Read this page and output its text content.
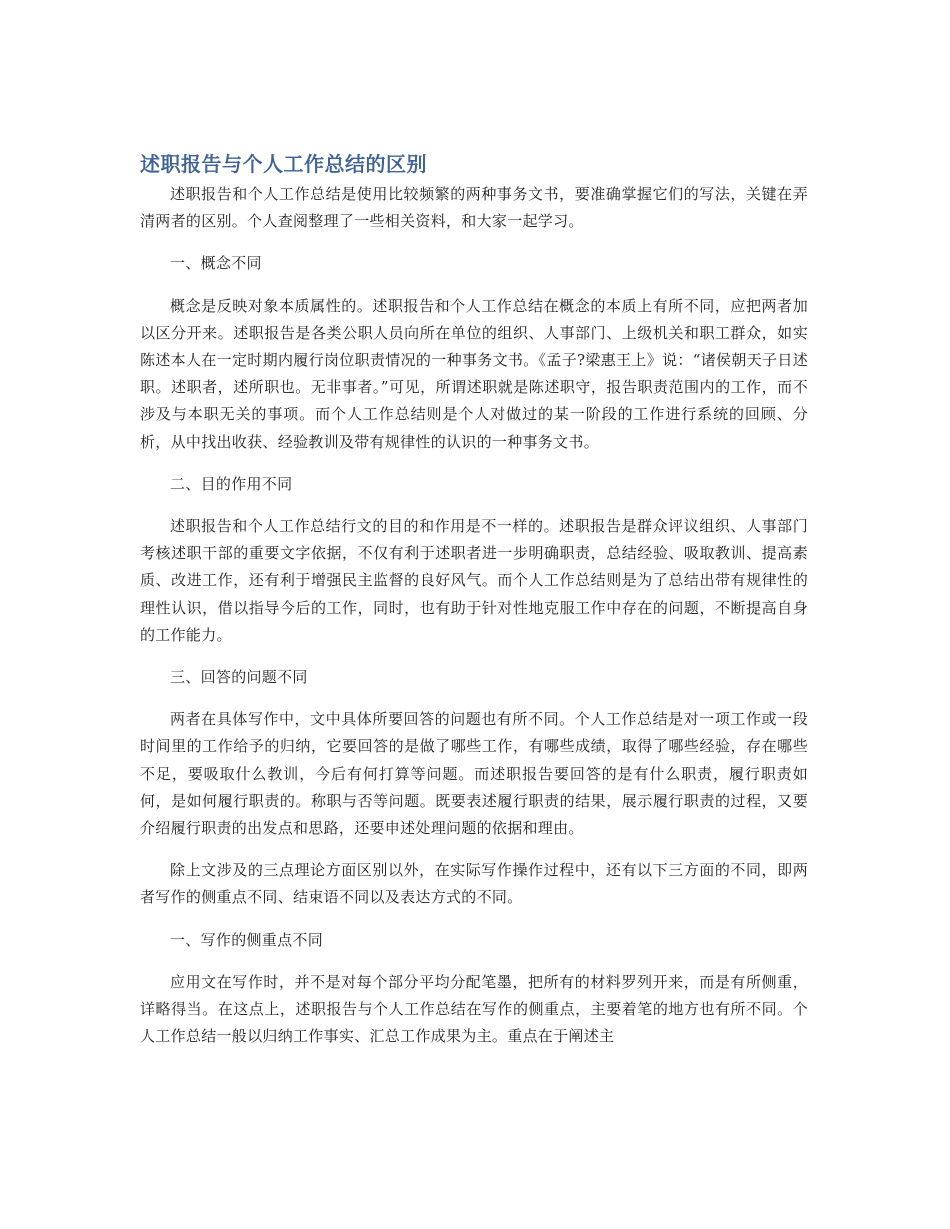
述职报告与个人工作总结的区别

述职报告和个人工作总结是使用比较频繁的两种事务文书，要准确掌握它们的写法，关键在弄清两者的区别。个人查阅整理了一些相关资料，和大家一起学习。

一、概念不同

概念是反映对象本质属性的。述职报告和个人工作总结在概念的本质上有所不同，应把两者加以区分开来。述职报告是各类公职人员向所在单位的组织、人事部门、上级机关和职工群众，如实陈述本人在一定时期内履行岗位职责情况的一种事务文书。《孟子?梁惠王上》说：“诸侯朝天子日述职。述职者，述所职也。无非事者。”可见，所谓述职就是陈述职守，报告职责范围内的工作，而不涉及与本职无关的事项。而个人工作总结则是个人对做过的某一阶段的工作进行系统的回顾、分析，从中找出收获、经验教训及带有规律性的认识的一种事务文书。

二、目的作用不同

述职报告和个人工作总结行文的目的和作用是不一样的。述职报告是群众评议组织、人事部门考核述职干部的重要文字依据，不仅有利于述职者进一步明确职责，总结经验、吸取教训、提高素质、改进工作，还有利于增强民主监督的良好风气。而个人工作总结则是为了总结出带有规律性的理性认识，借以指导今后的工作，同时，也有助于针对性地克服工作中存在的问题，不断提高自身的工作能力。

三、回答的问题不同

两者在具体写作中，文中具体所要回答的问题也有所不同。个人工作总结是对一项工作或一段时间里的工作给予的归纳，它要回答的是做了哪些工作，有哪些成绩，取得了哪些经验，存在哪些不足，要吸取什么教训，今后有何打算等问题。而述职报告要回答的是有什么职责，履行职责如何，是如何履行职责的。称职与否等问题。既要表述履行职责的结果，展示履行职责的过程，又要介绍履行职责的出发点和思路，还要申述处理问题的依据和理由。

除上文涉及的三点理论方面区别以外，在实际写作操作过程中，还有以下三方面的不同，即两者写作的侧重点不同、结束语不同以及表达方式的不同。

一、写作的侧重点不同

应用文在写作时，并不是对每个部分平均分配笔墨，把所有的材料罗列开来，而是有所侧重，详略得当。在这点上，述职报告与个人工作总结在写作的侧重点，主要着笔的地方也有所不同。个人工作总结一般以归纳工作事实、汇总工作成果为主。重点在于阐述主
